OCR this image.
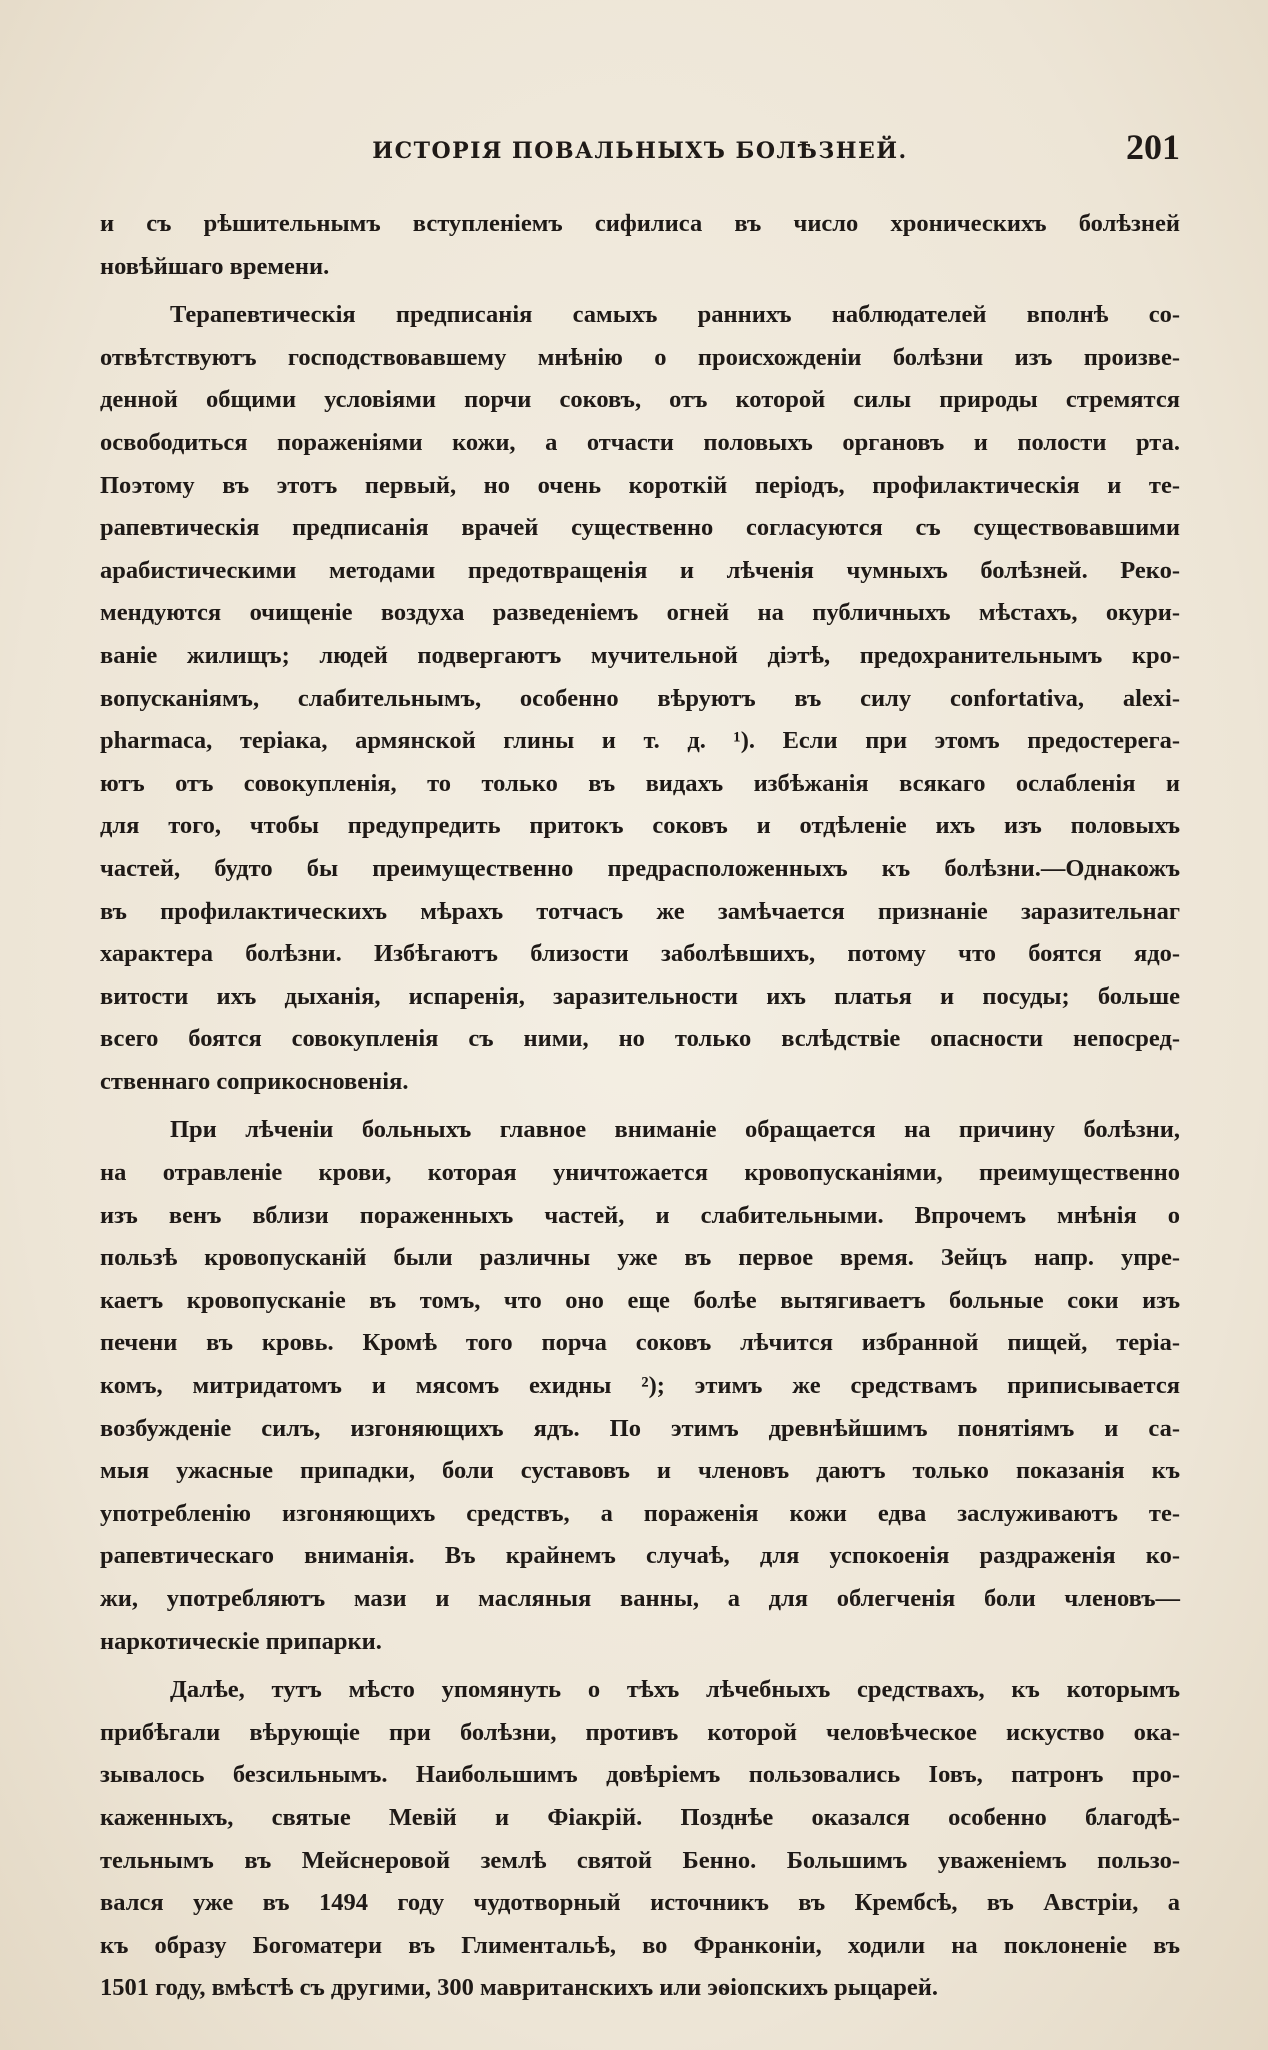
ИСТОРІЯ ПОВАЛЬНЫХЪ БОЛѢЗНЕЙ.	201
и съ рѣшительнымъ вступленіемъ сифилиса въ число хроническихъ болѣзней
новѣйшаго времени.
Терапевтическія предписанія самыхъ раннихъ наблюдателей вполнѣ со-
отвѣтствуютъ господствовавшему мнѣнію о происхожденіи болѣзни изъ произве-
денной общими условіями порчи соковъ, отъ которой силы природы стремятся
освободиться пораженіями кожи, а отчасти половыхъ органовъ и полости рта.
Поэтому въ этотъ первый, но очень короткій періодъ, профилактическія и те-
рапевтическія предписанія врачей существенно согласуются съ существовавшими
арабистическими методами предотвращенія и лѣченія чумныхъ болѣзней. Реко-
мендуются очищеніе воздуха разведеніемъ огней на публичныхъ мѣстахъ, окури-
ваніе жилищъ; людей подвергаютъ мучительной діэтѣ, предохранительнымъ кро-
вопусканіямъ, слабительнымъ, особенно вѣруютъ въ силу confortativa, alexi-
pharmaca, теріака, армянской глины и т. д. ¹). Если при этомъ предостерега-
ютъ отъ совокупленія, то только въ видахъ избѣжанія всякаго ослабленія и
для того, чтобы предупредить притокъ соковъ и отдѣленіе ихъ изъ половыхъ
частей, будто бы преимущественно предрасположенныхъ къ болѣзни.—Однакожъ
въ профилактическихъ мѣрахъ тотчасъ же замѣчается признаніе заразительнаг
характера болѣзни. Избѣгаютъ близости заболѣвшихъ, потому что боятся ядо-
витости ихъ дыханія, испаренія, заразительности ихъ платья и посуды; больше
всего боятся совокупленія съ ними, но только вслѣдствіе опасности непосред-
ственнаго соприкосновенія.
При лѣченіи больныхъ главное вниманіе обращается на причину болѣзни,
на отравленіе крови, которая уничтожается кровопусканіями, преимущественно
изъ венъ вблизи пораженныхъ частей, и слабительными. Впрочемъ мнѣнія о
пользѣ кровопусканій были различны уже въ первое время. Зейцъ напр. упре-
каетъ кровопусканіе въ томъ, что оно еще болѣе вытягиваетъ больные соки изъ
печени въ кровь. Кромѣ того порча соковъ лѣчится избранной пищей, теріа-
комъ, митридатомъ и мясомъ ехидны ²); этимъ же средствамъ приписывается
возбужденіе силъ, изгоняющихъ ядъ. По этимъ древнѣйшимъ понятіямъ и са-
мыя ужасные припадки, боли суставовъ и членовъ даютъ только показанія къ
употребленію изгоняющихъ средствъ, а пораженія кожи едва заслуживаютъ те-
рапевтическаго вниманія. Въ крайнемъ случаѣ, для успокоенія раздраженія ко-
жи, употребляютъ мази и масляныя ванны, а для облегченія боли членовъ—
наркотическіе припарки.
Далѣе, тутъ мѣсто упомянуть о тѣхъ лѣчебныхъ средствахъ, къ которымъ
прибѣгали вѣрующіе при болѣзни, противъ которой человѣческое искуство ока-
зывалось безсильнымъ. Наибольшимъ довѣріемъ пользовались Іовъ, патронъ про-
каженныхъ, святые Мевій и Фіакрій. Позднѣе оказался особенно благодѣ-
тельнымъ въ Мейснеровой землѣ святой Бенно. Большимъ уваженіемъ пользо-
вался уже въ 1494 году чудотворный источникъ въ Крембсѣ, въ Австріи, а
къ образу Богоматери въ Глиментальѣ, во Франконіи, ходили на поклоненіе въ
1501 году, вмѣстѣ съ другими, 300 мавританскихъ или эѳіопскихъ рыцарей.
